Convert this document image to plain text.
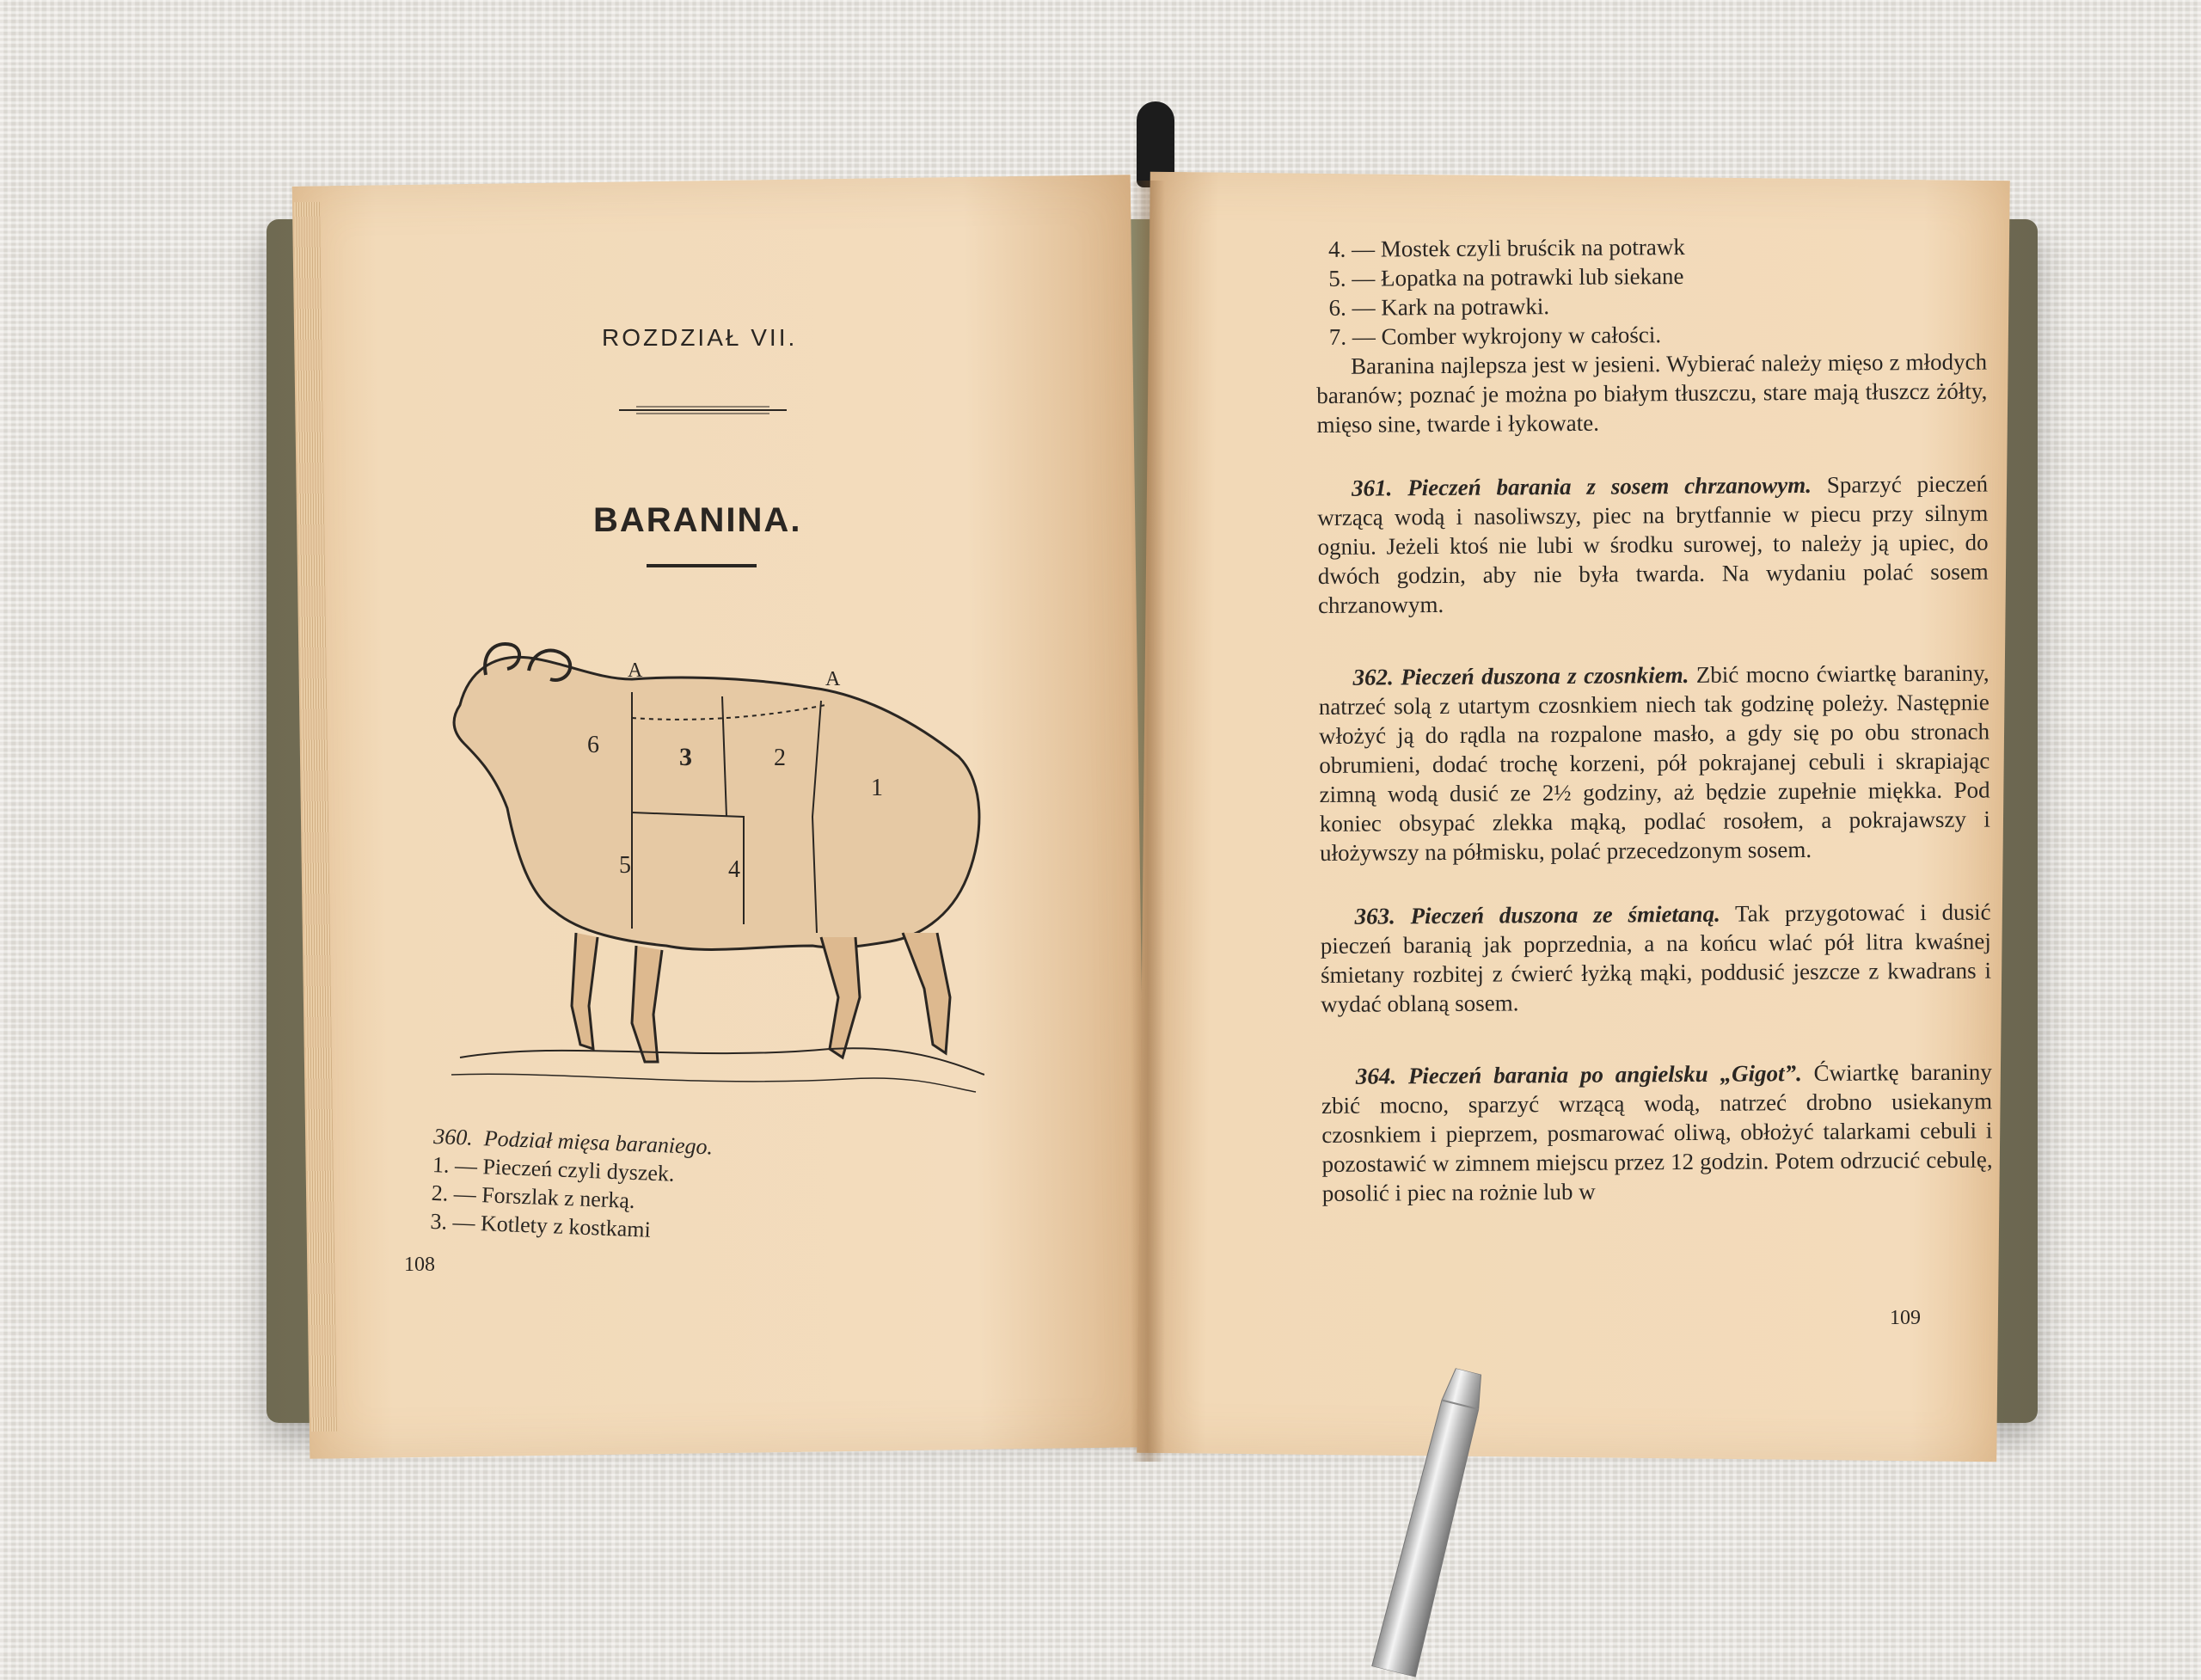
ROZDZIAŁ VII.
BARANINA.
A	A
6	3	2
1
5	4
360. Podział mięsa baraniego.
1. — Pieczeń czyli dyszek.
2. — Forszlak z nerką.
3. — Kotlety z kostkami
108
4. — Mostek czyli bruścik na potrawk
5. — Łopatka na potrawki lub siekane
6. — Kark na potrawki.
7. — Comber wykrojony w całości.

Baranina najlepsza jest w jesieni. Wybierać należy mięso z młodych baranów; poznać je można po białym tłuszczu, stare mają tłuszcz żółty, mięso sine, twarde i łykowate.

361. Pieczeń barania z sosem chrzanowym. Sparzyć pieczeń wrzącą wodą i nasoliwszy, piec na brytfannie w piecu przy silnym ogniu. Jeżeli ktoś nie lubi w środku surowej, to należy ją upiec, do dwóch godzin, aby nie była twarda. Na wydaniu polać sosem chrzanowym.

362. Pieczeń duszona z czosnkiem. Zbić mocno ćwiartkę baraniny, natrzeć solą z utartym czosnkiem niech tak godzinę poleży. Następnie włożyć ją do rądla na rozpalone masło, a gdy się po obu stronach obrumieni, dodać trochę korzeni, pół pokrajanej cebuli i skrapiając zimną wodą dusić ze 2½ godziny, aż będzie zupełnie miękka. Pod koniec obsypać zlekka mąką, podlać rosołem, a pokrajawszy i ułożywszy na półmisku, polać przecedzonym sosem.

363. Pieczeń duszona ze śmietaną. Tak przygotować i dusić pieczeń baranią jak poprzednia, a na końcu wlać pół litra kwaśnej śmietany rozbitej z ćwierć łyżką mąki, poddusić jeszcze z kwadrans i wydać oblaną sosem.

364. Pieczeń barania po angielsku „Gigot”. Ćwiartkę baraniny zbić mocno, sparzyć wrzącą wodą, natrzeć drobno usiekanym czosnkiem i pieprzem, posmarować oliwą, obłożyć talarkami cebuli i pozostawić w zimnem miejscu przez 12 godzin. Potem odrzucić cebulę, posolić i piec na rożnie lub w

109
